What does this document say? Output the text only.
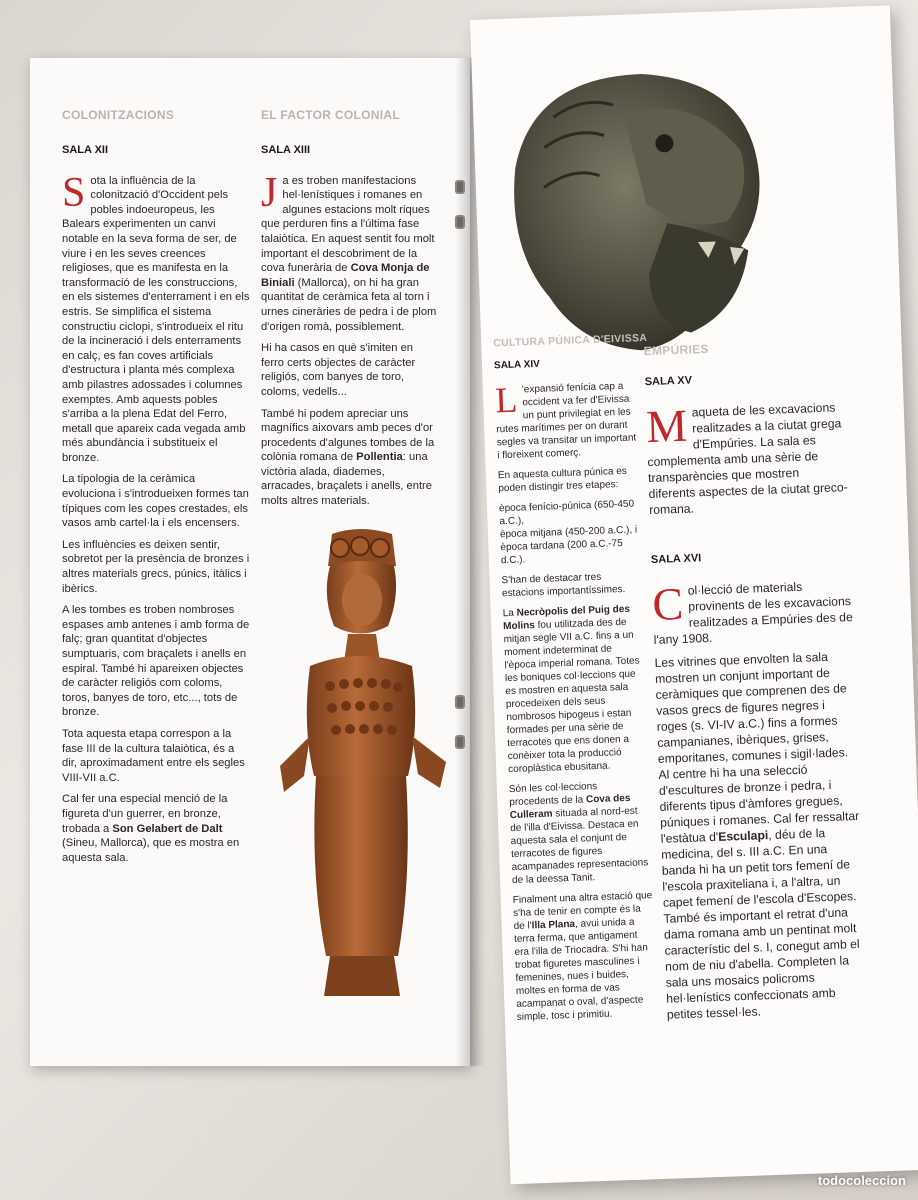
COLONITZACIONS	EL FACTOR COLONIAL
SALA XII

Sota la influència de la colonització d'Occident pels pobles indoeuropeus, les Balears experimenten un canvi notable en la seva forma de ser, de viure i en les seves creences religioses, que es manifesta en la transformació de les construccions, en els sistemes d'enterrament i en els estris. Se simplifica el sistema constructiu ciclopi, s'introdueix el ritu de la incineració i dels enterraments en calç, es fan coves artificials d'estructura i planta més complexa amb pilastres adossades i columnes exemptes. Amb aquests pobles s'arriba a la plena Edat del Ferro, metall que apareix cada vegada amb més abundància i substitueix el bronze.

La tipologia de la ceràmica evoluciona i s'introdueixen formes tan típiques com les copes crestades, els vasos amb cartel·la i els encensers.

Les influències es deixen sentir, sobretot per la presència de bronzes i altres materials grecs, púnics, itàlics i ibèrics.

A les tombes es troben nombroses espases amb antenes i amb forma de falç; gran quantitat d'objectes sumptuaris, com braçalets i anells en espiral. També hi apareixen objectes de caràcter religiós com coloms, toros, banyes de toro, etc..., tots de bronze.

Tota aquesta etapa correspon a la fase III de la cultura talaiòtica, és a dir, aproximadament entre els segles VIII-VII a.C.

Cal fer una especial menció de la figureta d'un guerrer, en bronze, trobada a Son Gelabert de Dalt (Sineu, Mallorca), que es mostra en aquesta sala.

SALA XIII

Ja es troben manifestacions hel·lenístiques i romanes en algunes estacions molt riques que perduren fins a l'última fase talaiòtica. En aquest sentit fou molt important el descobriment de la cova funerària de Cova Monja de Biniali (Mallorca), on hi ha gran quantitat de ceràmica feta al torn i urnes cineràries de pedra i de plom d'origen romà, possiblement.

Hi ha casos en què s'imiten en ferro certs objectes de caràcter religiós, com banyes de toro, coloms, vedells...

També hi podem apreciar uns magnífics aixovars amb peces d'or procedents d'algunes tombes de la colònia romana de Pollentia: una victòria alada, diademes, arracades, braçalets i anells, entre molts altres materials.

CULTURA PÚNICA D'EIVISSA
EMPÚRIES
SALA XIV

L 'expansió fenícia cap a occident va fer d'Eivissa un punt privilegiat en les rutes marítimes per on durant segles va transitar un important i floreixent comerç.

En aquesta cultura púnica es poden distingir tres etapes:

època fenício-púnica (650-450 a.C.),
època mitjana (450-200 a.C.), i
època tardana (200 a.C.-75 d.C.).

S'han de destacar tres estacions importantíssimes.

La Necròpolis del Puig des Molins fou utilitzada des de mitjan segle VII a.C. fins a un moment indeterminat de l'època imperial romana. Totes les boniques col·leccions que es mostren en aquesta sala procedeixen dels seus nombrosos hipogeus i estan formades per una sèrie de terracotes que ens donen a conèixer tota la producció coroplàstica ebusitana.

Són les col·leccions procedents de la Cova des Culleram situada al nord-est de l'illa d'Eivissa. Destaca en aquesta sala el conjunt de terracotes de figures acampanades representacions de la deessa Tanit.

Finalment una altra estació que s'ha de tenir en compte és la de l'Illa Plana, avui unida a terra ferma, que antigament era l'illa de Triocadra. S'hi han trobat figuretes masculines i femenines, nues i buides, moltes en forma de vas acampanat o oval, d'aspecte simple, tosc i primitiu.

SALA XV

Maqueta de les excavacions realitzades a la ciutat grega d'Empúries. La sala es complementa amb una sèrie de transparències que mostren diferents aspectes de la ciutat greco-romana.

SALA XVI

Col·lecció de materials provinents de les excavacions realitzades a Empúries des de l'any 1908.

Les vitrines que envolten la sala mostren un conjunt important de ceràmiques que comprenen des de vasos grecs de figures negres i roges (s. VI-IV a.C.) fins a formes campanianes, ibèriques, grises, emporitanes, comunes i sigil·lades. Al centre hi ha una selecció d'escultures de bronze i pedra, i diferents tipus d'àmfores gregues, púniques i romanes. Cal fer ressaltar l'estàtua d'Esculapi, déu de la medicina, del s. III a.C. En una banda hi ha un petit tors femení de l'escola praxiteliana i, a l'altra, un capet femení de l'escola d'Escopes. També és important el retrat d'una dama romana amb un pentinat molt característic del s. I, conegut amb el nom de niu d'abella. Completen la sala uns mosaics policroms hel·lenístics confeccionats amb petites tessel·les.

todocoleccion
